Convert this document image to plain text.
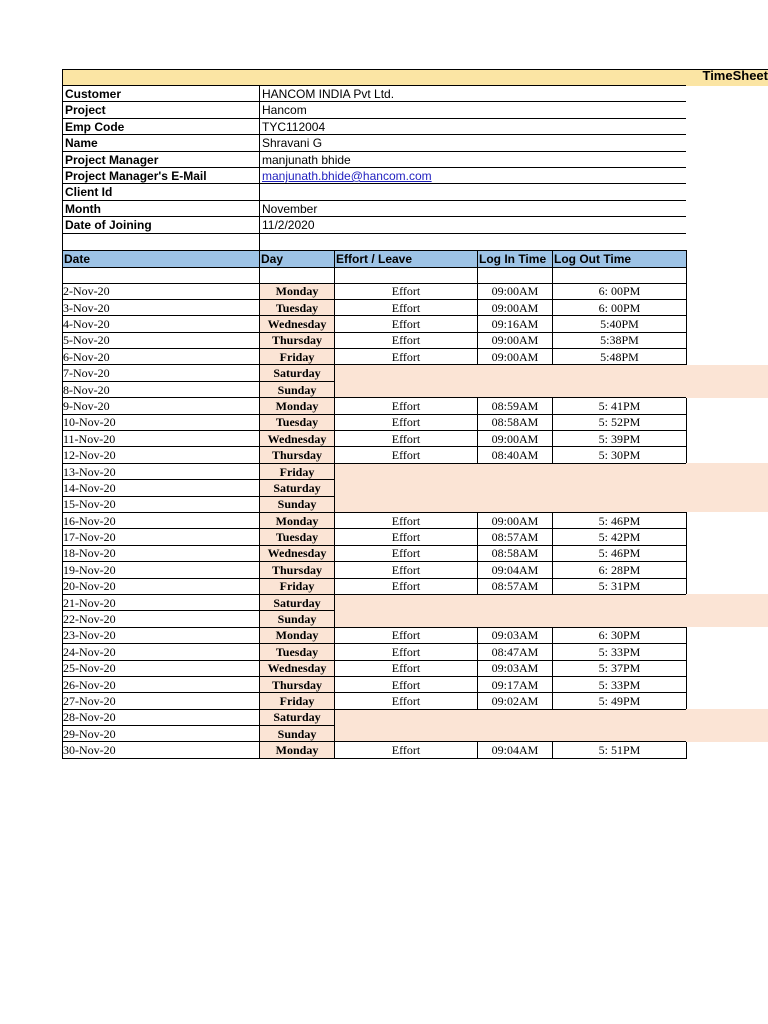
TimeSheet
Customer	HANCOM INDIA Pvt Ltd.
Project	Hancom
Emp Code	TYC112004
Name	Shravani G
Project Manager	manjunath bhide
Project Manager's E-Mail	manjunath.bhide@hancom.com
Client Id
Month	November
Date of Joining	11/2/2020
Date	Day	Effort / Leave	Log In Time	Log Out Time

2-Nov-20	Monday	Effort	09:00AM	6: 00PM
3-Nov-20	Tuesday	Effort	09:00AM	6: 00PM
4-Nov-20	Wednesday	Effort	09:16AM	5:40PM
5-Nov-20	Thursday	Effort	09:00AM	5:38PM
6-Nov-20	Friday	Effort	09:00AM	5:48PM
7-Nov-20	Saturday			
8-Nov-20	Sunday			
9-Nov-20	Monday	Effort	08:59AM	5: 41PM
10-Nov-20	Tuesday	Effort	08:58AM	5: 52PM
11-Nov-20	Wednesday	Effort	09:00AM	5: 39PM
12-Nov-20	Thursday	Effort	08:40AM	5: 30PM
13-Nov-20	Friday			
14-Nov-20	Saturday			
15-Nov-20	Sunday			
16-Nov-20	Monday	Effort	09:00AM	5: 46PM
17-Nov-20	Tuesday	Effort	08:57AM	5: 42PM
18-Nov-20	Wednesday	Effort	08:58AM	5: 46PM
19-Nov-20	Thursday	Effort	09:04AM	6: 28PM
20-Nov-20	Friday	Effort	08:57AM	5: 31PM
21-Nov-20	Saturday			
22-Nov-20	Sunday			
23-Nov-20	Monday	Effort	09:03AM	6: 30PM
24-Nov-20	Tuesday	Effort	08:47AM	5: 33PM
25-Nov-20	Wednesday	Effort	09:03AM	5: 37PM
26-Nov-20	Thursday	Effort	09:17AM	5: 33PM
27-Nov-20	Friday	Effort	09:02AM	5: 49PM
28-Nov-20	Saturday			
29-Nov-20	Sunday			
30-Nov-20	Monday	Effort	09:04AM	5: 51PM
